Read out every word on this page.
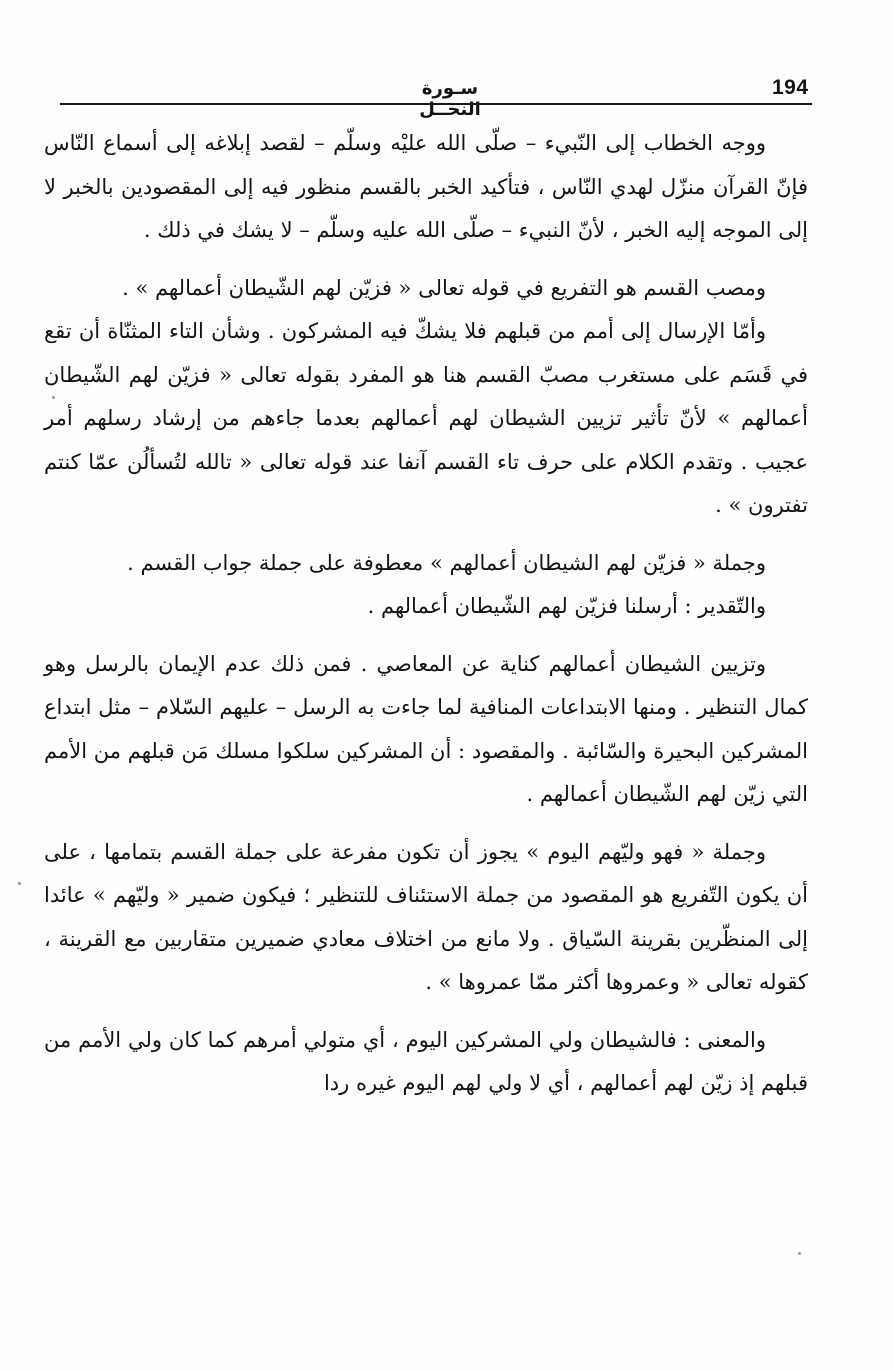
194
سـورة النحــل

ووجه الخطاب إلى النّبيء – صلّى الله عليْه وسلّم – لقصد إبلاغه إلى أسماع النّاس فإنّ القرآن منزّل لهدي النّاس ، فتأكيد الخبر بالقسم منظور فيه إلى المقصودين بالخبر لا إلى الموجه إليه الخبر ، لأنّ النبيء – صلّى الله عليه وسلّم – لا يشك في ذلك .

ومصب القسم هو التفريع في قوله تعالى « فزيّن لهم الشّيطان أعمالهم » .

وأمّا الإرسال إلى أمم من قبلهم فلا يشكّ فيه المشركون . وشأن التاء المثنّاة أن تقع في قَسَم على مستغرب مصبّ القسم هنا هو المفرد بقوله تعالى « فزيّن لهم الشّيطان أعمالهم » لأنّ تأثير تزيين الشيطان لهم أعمالهم بعدما جاءهم من إرشاد رسلهم أمر عجيب . وتقدم الكلام على حرف تاء القسم آنفا عند قوله تعالى « تالله لتُسألُن عمّا كنتم تفترون » .

وجملة « فزيّن لهم الشيطان أعمالهم » معطوفة على جملة جواب القسم .

والتّقدير : أرسلنا فزيّن لهم الشّيطان أعمالهم .

وتزيين الشيطان أعمالهم كناية عن المعاصي . فمن ذلك عدم الإيمان بالرسل وهو كمال التنظير . ومنها الابتداعات المنافية لما جاءت به الرسل – عليهم السّلام – مثل ابتداع المشركين البحيرة والسّائبة . والمقصود : أن المشركين سلكوا مسلك مَن قبلهم من الأمم التي زيّن لهم الشّيطان أعمالهم .

وجملة « فهو وليّهم اليوم » يجوز أن تكون مفرعة على جملة القسم بتمامها ، على أن يكون التّفريع هو المقصود من جملة الاستئناف للتنظير ؛ فيكون ضمير « وليّهم » عائدا إلى المنظّرين بقرينة السّياق . ولا مانع من اختلاف معادي ضميرين متقاربين مع القرينة ، كقوله تعالى « وعمروها أكثر ممّا عمروها » .

والمعنى : فالشيطان ولي المشركين اليوم ، أي متولي أمرهم كما كان ولي الأمم من قبلهم إذ زيّن لهم أعمالهم ، أي لا ولي لهم اليوم غيره ردا
